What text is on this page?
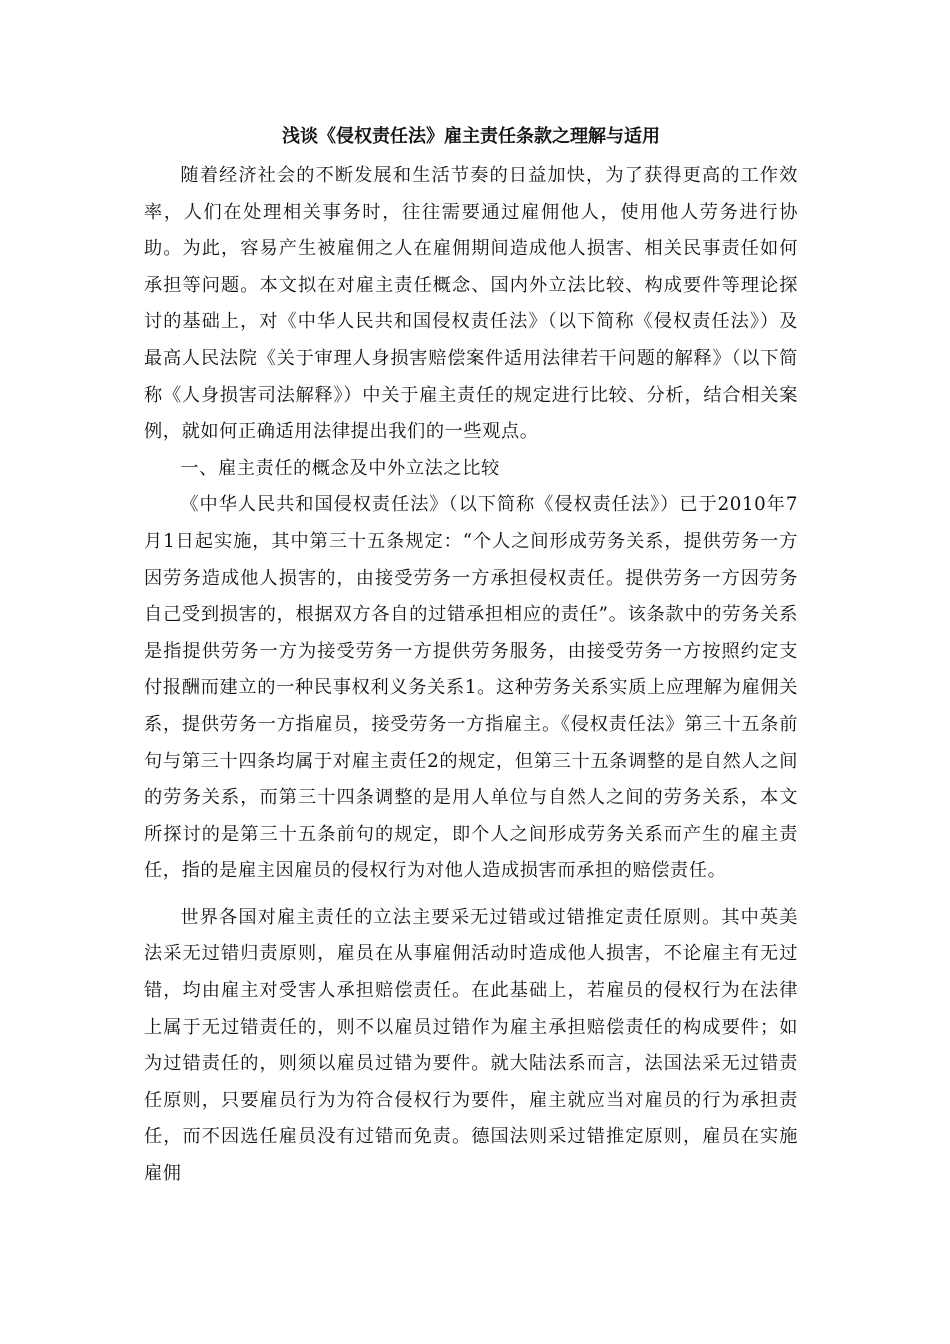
浅谈《侵权责任法》雇主责任条款之理解与适用

随着经济社会的不断发展和生活节奏的日益加快，为了获得更高的工作效率，人们在处理相关事务时，往往需要通过雇佣他人，使用他人劳务进行协助。为此，容易产生被雇佣之人在雇佣期间造成他人损害、相关民事责任如何承担等问题。本文拟在对雇主责任概念、国内外立法比较、构成要件等理论探讨的基础上，对《中华人民共和国侵权责任法》（以下简称《侵权责任法》）及最高人民法院《关于审理人身损害赔偿案件适用法律若干问题的解释》（以下简称《人身损害司法解释》）中关于雇主责任的规定进行比较、分析，结合相关案例，就如何正确适用法律提出我们的一些观点。

一、雇主责任的概念及中外立法之比较

《中华人民共和国侵权责任法》（以下简称《侵权责任法》）已于2010年7月1日起实施，其中第三十五条规定：“个人之间形成劳务关系，提供劳务一方因劳务造成他人损害的，由接受劳务一方承担侵权责任。提供劳务一方因劳务自己受到损害的，根据双方各自的过错承担相应的责任”。该条款中的劳务关系是指提供劳务一方为接受劳务一方提供劳务服务，由接受劳务一方按照约定支付报酬而建立的一种民事权利义务关系1。这种劳务关系实质上应理解为雇佣关系，提供劳务一方指雇员，接受劳务一方指雇主。《侵权责任法》第三十五条前句与第三十四条均属于对雇主责任2的规定，但第三十五条调整的是自然人之间的劳务关系，而第三十四条调整的是用人单位与自然人之间的劳务关系，本文所探讨的是第三十五条前句的规定，即个人之间形成劳务关系而产生的雇主责任，指的是雇主因雇员的侵权行为对他人造成损害而承担的赔偿责任。

世界各国对雇主责任的立法主要采无过错或过错推定责任原则。其中英美法采无过错归责原则，雇员在从事雇佣活动时造成他人损害，不论雇主有无过错，均由雇主对受害人承担赔偿责任。在此基础上，若雇员的侵权行为在法律上属于无过错责任的，则不以雇员过错作为雇主承担赔偿责任的构成要件；如为过错责任的，则须以雇员过错为要件。就大陆法系而言，法国法采无过错责任原则，只要雇员行为为符合侵权行为要件，雇主就应当对雇员的行为承担责任，而不因选任雇员没有过错而免责。德国法则采过错推定原则，雇员在实施雇佣
